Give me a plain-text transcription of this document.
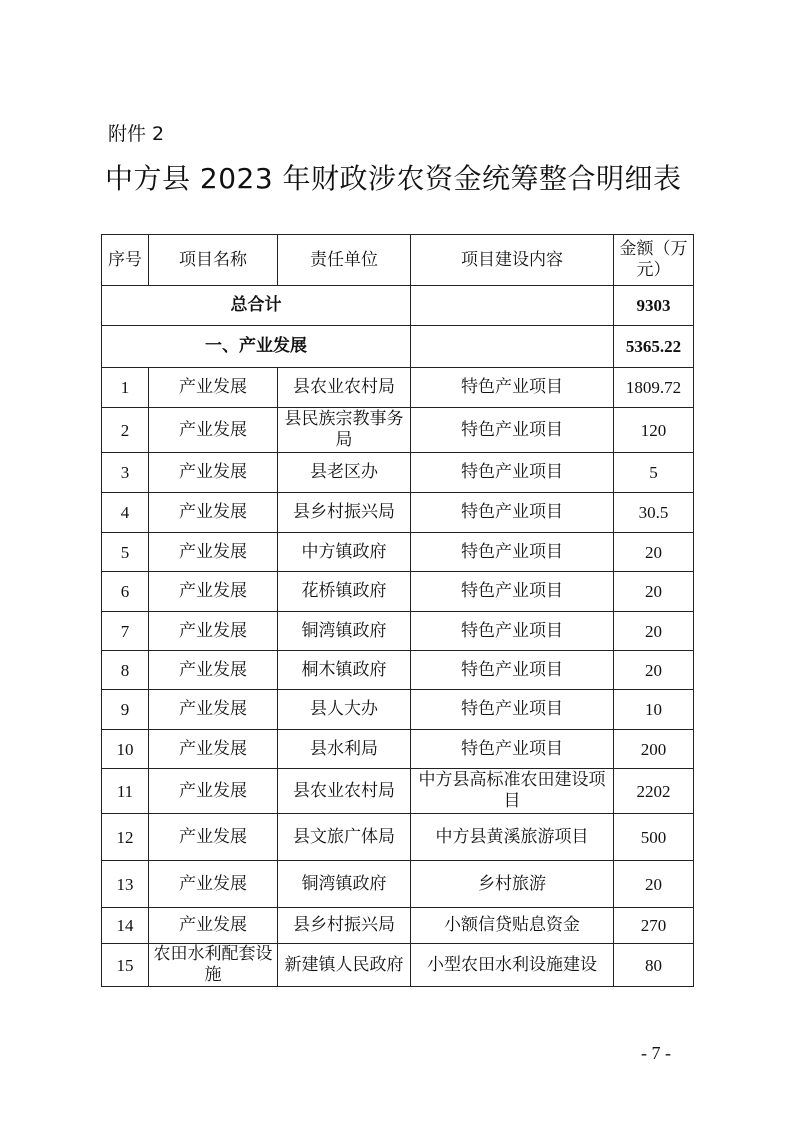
附件 2
中方县 2023 年财政涉农资金统筹整合明细表
序号	项目名称	责任单位	项目建设内容	金额（万元）
总合计				9303
一、产业发展				5365.22
1	产业发展	县农业农村局	特色产业项目	1809.72
2	产业发展	县民族宗教事务局	特色产业项目	120
3	产业发展	县老区办	特色产业项目	5
4	产业发展	县乡村振兴局	特色产业项目	30.5
5	产业发展	中方镇政府	特色产业项目	20
6	产业发展	花桥镇政府	特色产业项目	20
7	产业发展	铜湾镇政府	特色产业项目	20
8	产业发展	桐木镇政府	特色产业项目	20
9	产业发展	县人大办	特色产业项目	10
10	产业发展	县水利局	特色产业项目	200
11	产业发展	县农业农村局	中方县高标准农田建设项目	2202
12	产业发展	县文旅广体局	中方县黄溪旅游项目	500
13	产业发展	铜湾镇政府	乡村旅游	20
14	产业发展	县乡村振兴局	小额信贷贴息资金	270
15	农田水利配套设施	新建镇人民政府	小型农田水利设施建设	80
- 7 -
